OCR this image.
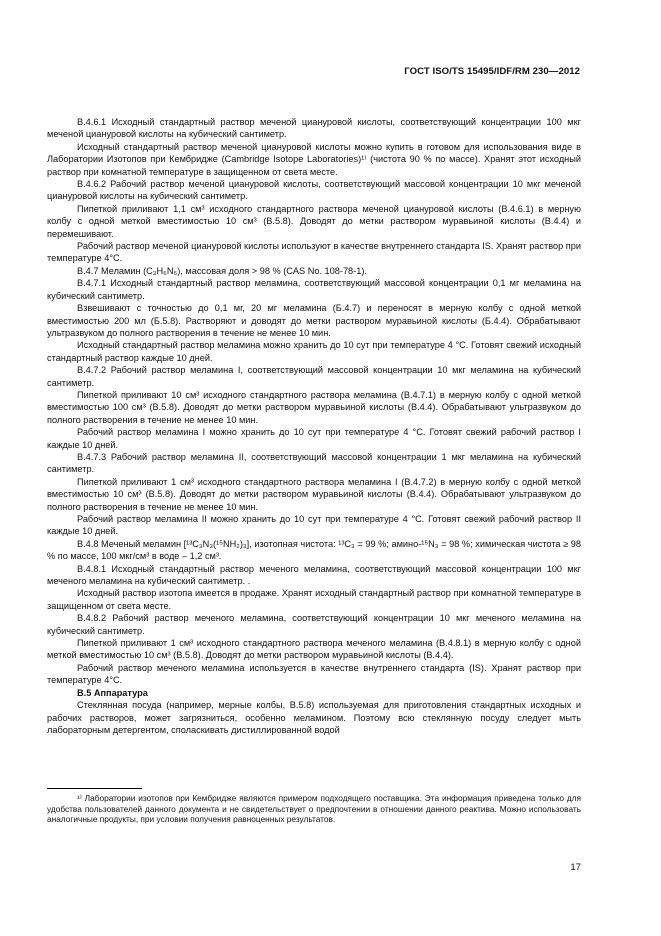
ГОСТ ISO/TS 15495/IDF/RM 230—2012

B.4.6.1 Исходный стандартный раствор меченой циануровой кислоты, соответствующий концентрации 100 мкг меченой циануровой кислоты на кубический сантиметр.

Исходный стандартный раствор меченой циануровой кислоты можно купить в готовом для использования виде в Лаборатории Изотопов при Кембридже (Cambridge Isotope Laboratories)¹⁾ (чистота 90 % по массе). Хранят этот исходный раствор при комнатной температуре в защищенном от света месте.

B.4.6.2 Рабочий раствор меченой циануровой кислоты, соответствующий массовой концентрации 10 мкг меченой циануровой кислоты на кубический сантиметр.

Пипеткой приливают 1,1 см³ исходного стандартного раствора меченой циануровой кислоты (B.4.6.1) в мерную колбу с одной меткой вместимостью 10 см³ (B.5.8). Доводят до метки раствором муравьиной кислоты (B.4.4) и перемешивают.

Рабочий раствор меченой циануровой кислоты используют в качестве внутреннего стандарта IS. Хранят раствор при температуре 4°С.

B.4.7 Меламин (C₃H₆N₆), массовая доля > 98 % (CAS No. 108-78-1).

B.4.7.1 Исходный стандартный раствор меламина, соответствующий массовой концентрации 0,1 мг меламина на кубический сантиметр.

Взвешивают с точностью до 0,1 мг, 20 мг меламина (Б.4.7) и переносят в мерную колбу с одной меткой вместимостью 200 мл (Б.5.8). Растворяют и доводят до метки раствором муравьиной кислоты (Б.4.4). Обрабатывают ультразвуком до полного растворения в течение не менее 10 мин.

Исходный стандартный раствор меламина можно хранить до 10 сут при температуре 4 °С. Готовят свежий исходный стандартный раствор каждые 10 дней.

B.4.7.2 Рабочий раствор меламина I, соответствующий массовой концентрации 10 мкг меламина на кубический сантиметр.

Пипеткой приливают 10 см³ исходного стандартного раствора меламина (B.4.7.1) в мерную колбу с одной меткой вместимостью 100 см³ (B.5.8). Доводят до метки раствором муравьиной кислоты (B.4.4). Обрабатывают ультразвуком до полного растворения в течение не менее 10 мин.

Рабочий раствор меламина I можно хранить до 10 сут при температуре 4 °С. Готовят свежий рабочий раствор I каждые 10 дней.

B.4.7.3 Рабочий раствор меламина II, соответствующий массовой концентрации 1 мкг меламина на кубический сантиметр.

Пипеткой приливают 1 см³ исходного стандартного раствора меламина I (B.4.7.2) в мерную колбу с одной меткой вместимостью 10 см³ (B.5.8). Доводят до метки раствором муравьиной кислоты (B.4.4). Обрабатывают ультразвуком до полного растворения в течение не менее 10 мин.

Рабочий раствор меламина II можно хранить до 10 сут при температуре 4 °С. Готовят свежий рабочий раствор II каждые 10 дней.

B.4.8 Меченый меламин [¹³C₃N₃(¹⁵NH₂)₃], изотопная чистота: ¹³C₃ = 99 %; амино-¹⁵N₃ = 98 %; химическая чистота ≥ 98 % по массе, 100 мкг/см³ в воде – 1,2 см³.

B.4.8.1 Исходный стандартный раствор меченого меламина, соответствующий массовой концентрации 100 мкг меченого меламина на кубический сантиметр. .

Исходный раствор изотопа имеется в продаже. Хранят исходный стандартный раствор при комнатной температуре в защищенном от света месте.

B.4.8.2 Рабочий раствор меченого меламина, соответствующий концентрации 10 мкг меченого меламина на кубический сантиметр.

Пипеткой приливают 1 см³ исходного стандартного раствора меченого меламина (B.4.8.1) в мерную колбу с одной меткой вместимостью 10 см³ (B.5.8). Доводят до метки раствором муравьиной кислоты (B.4.4).

Рабочий раствор меченого меламина используется в качестве внутреннего стандарта (IS). Хранят раствор при температуре 4°С.

B.5 Аппаратура

Стеклянная посуда (например, мерные колбы, B.5.8) используемая для приготовления стандартных исходных и рабочих растворов, может загрязниться, особенно меламином. Поэтому всю стеклянную посуду следует мыть лабораторным детергентом, споласкивать дистиллированной водой

¹⁾ Лаборатории изотопов при Кембридже являются примером подходящего поставщика. Эта информация приведена только для удобства пользователей данного документа и не свидетельствует о предпочтении в отношении данного реактива. Можно использовать аналогичные продукты, при условии получения равноценных результатов.

17
